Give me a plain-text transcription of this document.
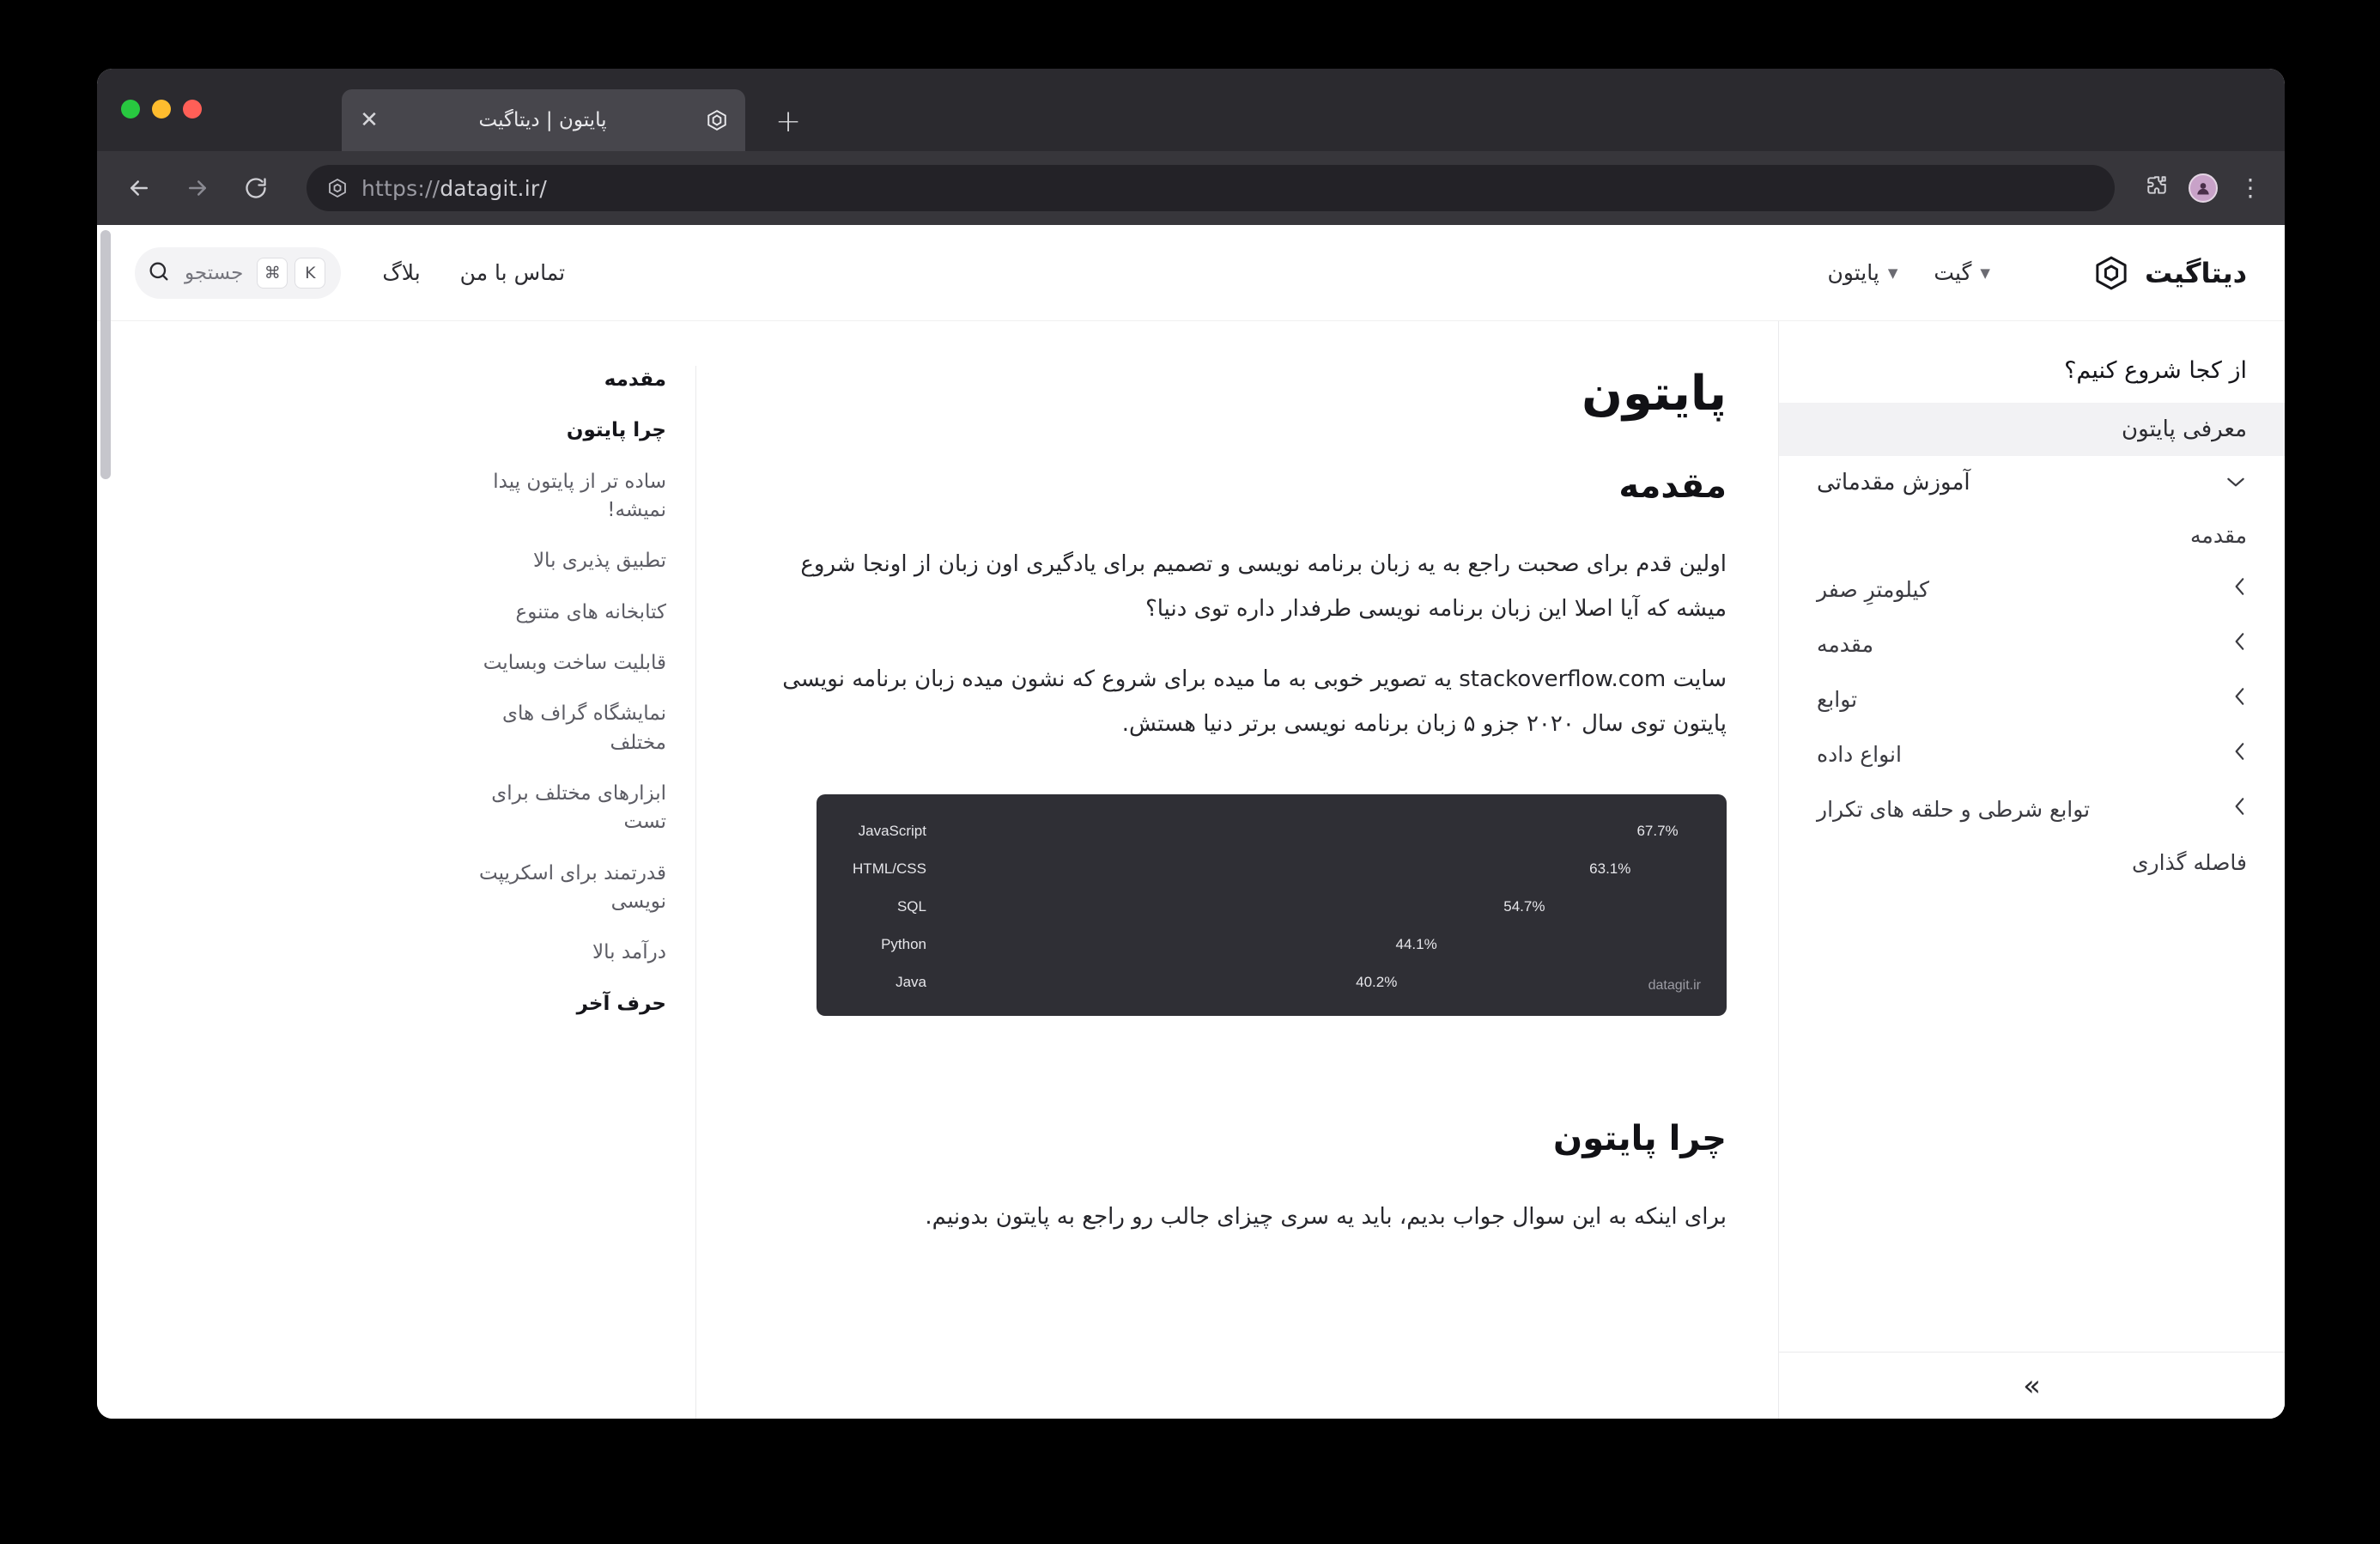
پایتون | دیتاگیت
✕	+
https://datagit.ir/	⋮
دیتاگیت
▼
گیت
▼
پایتون
تماس با من
بلاگ
K
⌘
جستجو
از کجا شروع کنیم؟
معرفی پایتون
آموزش مقدماتی
مقدمه
کیلومترِ صفر
مقدمه
توابع
انواع داده
توابع شرطی و حلقه های تکرار
فاصله گذاری
»
پایتون
مقدمه

اولین قدم برای صحبت راجع به یه زبان برنامه نویسی و تصمیم برای یادگیری اون زبان از اونجا شروع میشه که آیا اصلا این زبان برنامه نویسی طرفدار داره توی دنیا؟

سایت stackoverflow.com یه تصویر خوبی به ما میده برای شروع که نشون میده زبان برنامه نویسی پایتون توی سال ۲۰۲۰ جزو ۵ زبان برنامه نویسی برتر دنیا هستش.

JavaScript	67.7%
HTML/CSS	63.1%
SQL	54.7%
Python	44.1%
Java	40.2%	datagit.ir
چرا پایتون

برای اینکه به این سوال جواب بدیم، باید یه سری چیزای جالب رو راجع به پایتون بدونیم.

مقدمه
چرا پایتون
ساده تر از پایتون پیدا نمیشه!
تطبیق پذیری بالا
کتابخانه های متنوع
قابلیت ساخت وبسایت
نمایشگاه گراف های مختلف
ابزارهای مختلف برای تست
قدرتمند برای اسکریپت نویسی
درآمد بالا
حرف آخر
